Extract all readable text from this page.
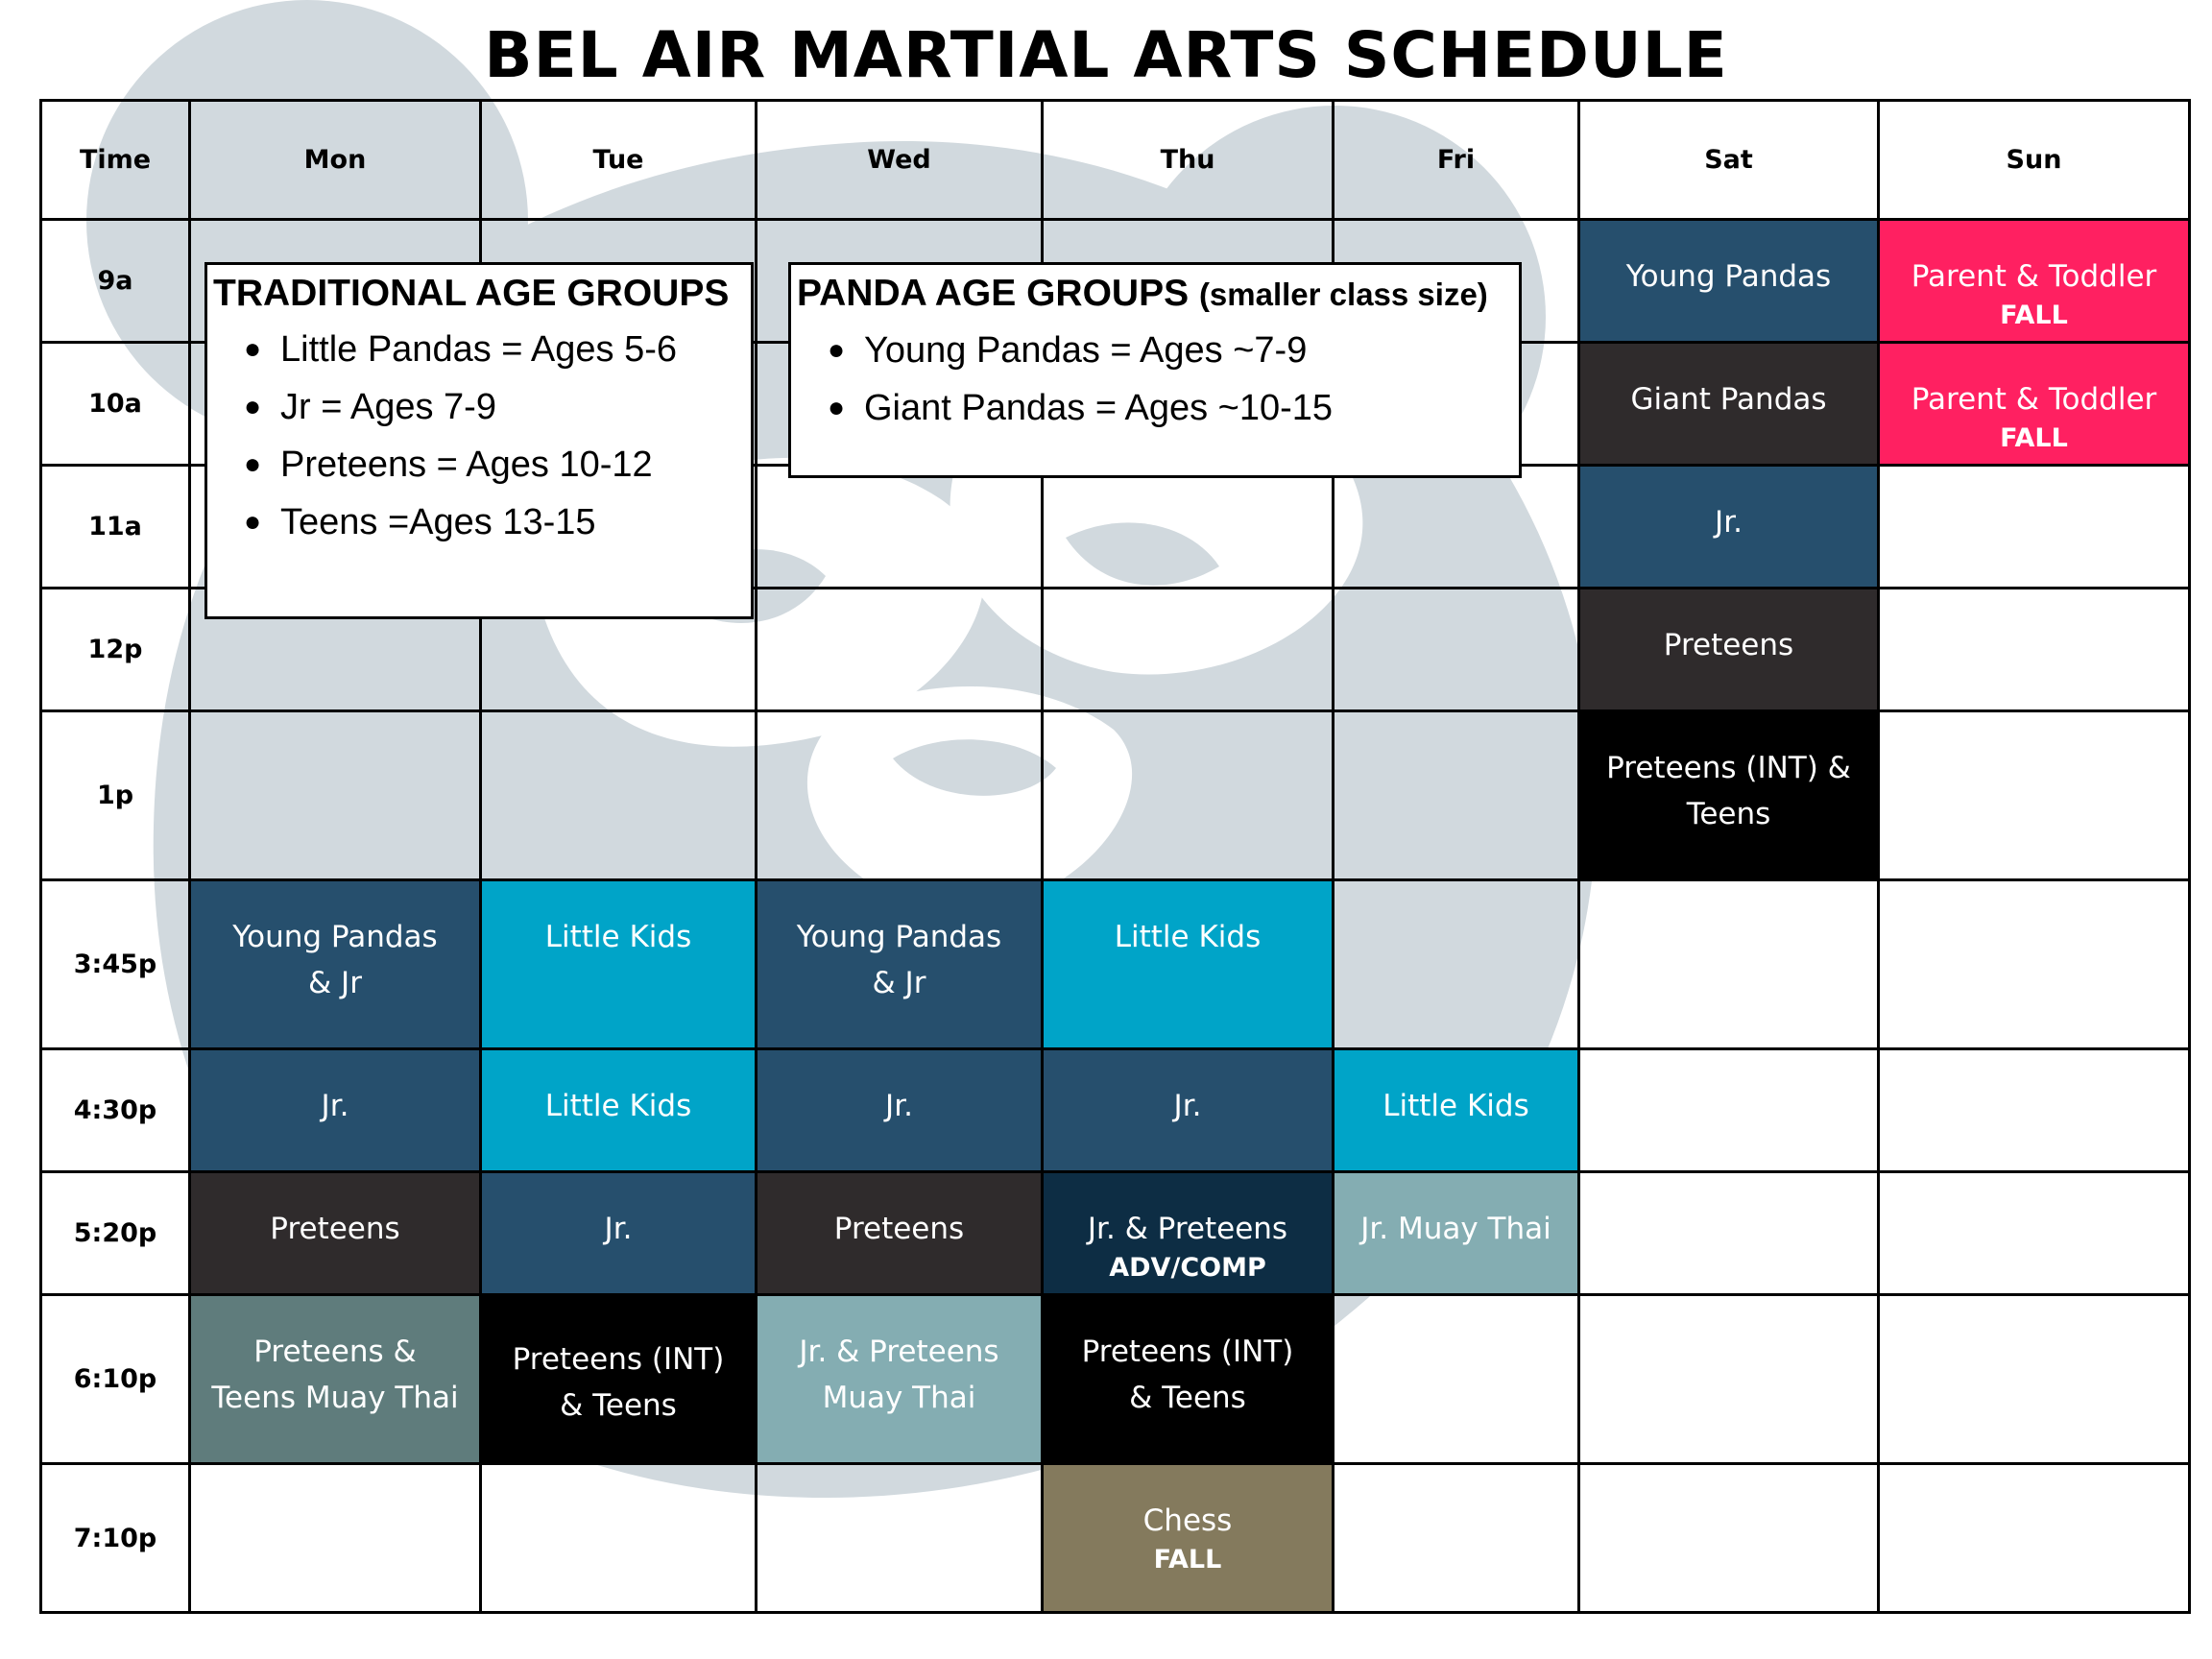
BEL AIR MARTIAL ARTS SCHEDULE
Time	Mon	Tue	Wed	Thu	Fri	Sat	Sun
9a						Young Pandas	Parent & Toddler
FALL

10a						Giant Pandas	Parent & Toddler
FALL

11a						Jr.	

12p						Preteens	

1p						Preteens (INT) &
Teens	

3:45p	Young Pandas
& Jr	Little Kids	Young Pandas
& Jr	Little Kids			

4:30p	Jr.	Little Kids	Jr.	Jr.	Little Kids		

5:20p	Preteens	Jr.	Preteens	Jr. & Preteens
ADV/COMP	Jr. Muay Thai		

6:10p	Preteens &
Teens Muay Thai	Preteens (INT)
& Teens	Jr. & Preteens
Muay Thai	Preteens (INT)
& Teens			

7:10p				Chess
FALL			

TRADITIONAL AGE GROUPS
● Little Pandas = Ages 5-6
● Jr = Ages 7-9
● Preteens = Ages 10-12
● Teens =Ages 13-15
PANDA AGE GROUPS (smaller class size)
● Young Pandas = Ages ~7-9
● Giant Pandas = Ages ~10-15
